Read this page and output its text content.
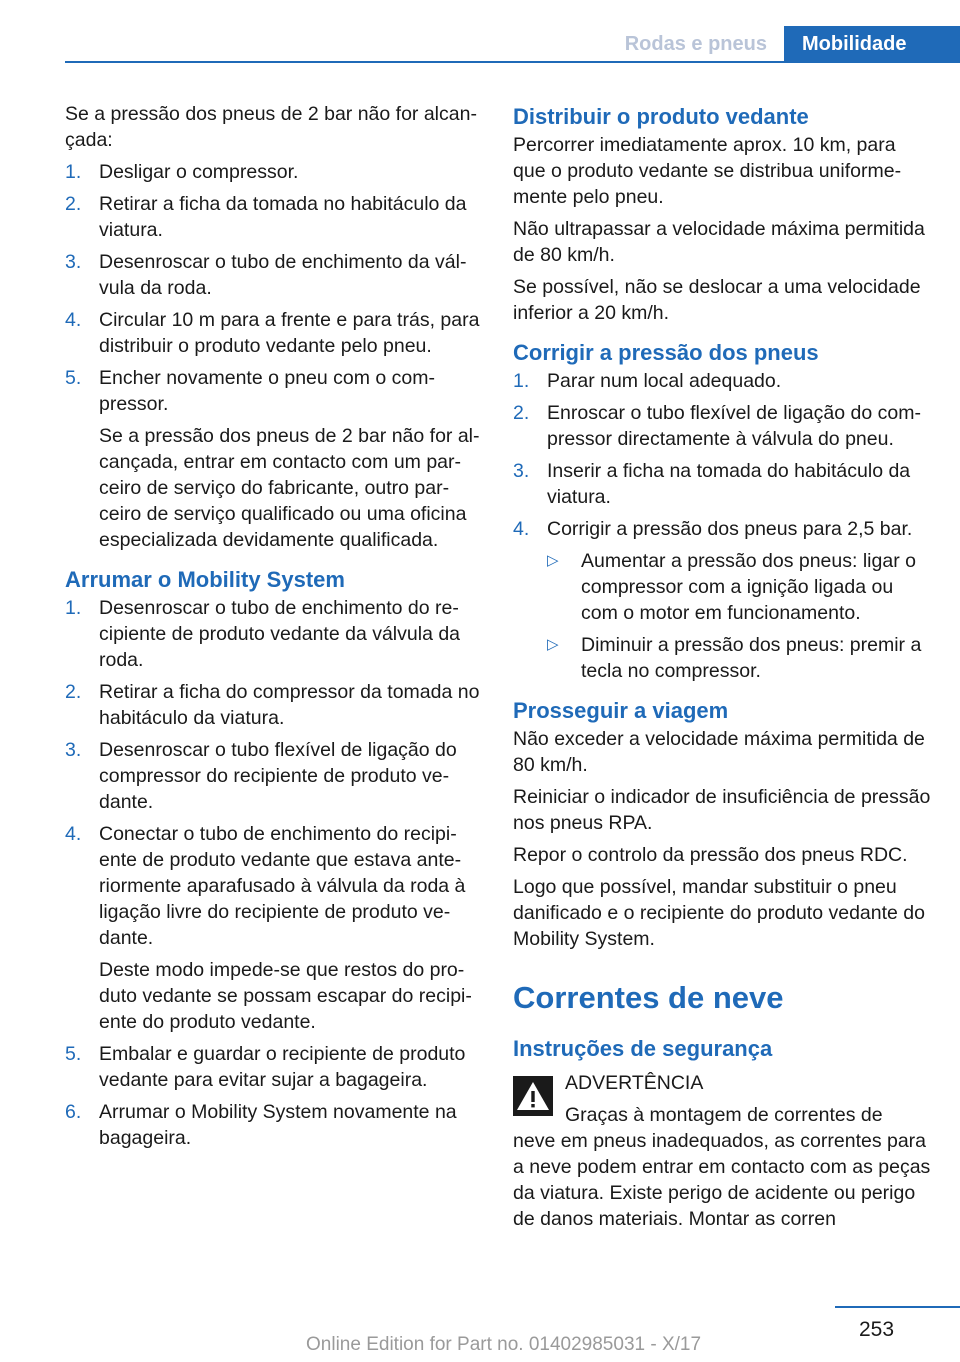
Rodas e pneus	Mobilidade

Se a pressão dos pneus de 2 bar não for alcançada:

1. Desligar o compressor.
2. Retirar a ficha da tomada no habitáculo da viatura.
3. Desenroscar o tubo de enchimento da válvula da roda.
4. Circular 10 m para a frente e para trás, para distribuir o produto vedante pelo pneu.
5. Encher novamente o pneu com o compressor.
Se a pressão dos pneus de 2 bar não for alcançada, entrar em contacto com um parceiro de serviço do fabricante, outro parceiro de serviço qualificado ou uma oficina especializada devidamente qualificada.
Arrumar o Mobility System
1. Desenroscar o tubo de enchimento do recipiente de produto vedante da válvula da roda.
2. Retirar a ficha do compressor da tomada no habitáculo da viatura.
3. Desenroscar o tubo flexível de ligação do compressor do recipiente de produto vedante.
4. Conectar o tubo de enchimento do recipiente de produto vedante que estava anteriormente aparafusado à válvula da roda à ligação livre do recipiente de produto vedante.
Deste modo impede-se que restos do produto vedante se possam escapar do recipiente do produto vedante.
5. Embalar e guardar o recipiente de produto vedante para evitar sujar a bagageira.
6. Arrumar o Mobility System novamente na bagageira.
Distribuir o produto vedante

Percorrer imediatamente aprox. 10 km, para que o produto vedante se distribua uniformemente pelo pneu.

Não ultrapassar a velocidade máxima permitida de 80 km/h.

Se possível, não se deslocar a uma velocidade inferior a 20 km/h.

Corrigir a pressão dos pneus
1. Parar num local adequado.
2. Enroscar o tubo flexível de ligação do compressor directamente à válvula do pneu.
3. Inserir a ficha na tomada do habitáculo da viatura.
4. Corrigir a pressão dos pneus para 2,5 bar.
▷ Aumentar a pressão dos pneus: ligar o compressor com a ignição ligada ou com o motor em funcionamento.
▷ Diminuir a pressão dos pneus: premir a tecla no compressor.
Prosseguir a viagem

Não exceder a velocidade máxima permitida de 80 km/h.

Reiniciar o indicador de insuficiência de pressão nos pneus RPA.

Repor o controlo da pressão dos pneus RDC.

Logo que possível, mandar substituir o pneu danificado e o recipiente do produto vedante do Mobility System.

Correntes de neve
Instruções de segurança
ADVERTÊNCIA
Graças à montagem de correntes de
neve em pneus inadequados, as correntes para a neve podem entrar em contacto com as peças da viatura. Existe perigo de acidente ou perigo de danos materiais. Montar as corren
253
Online Edition for Part no. 01402985031 - X/17
